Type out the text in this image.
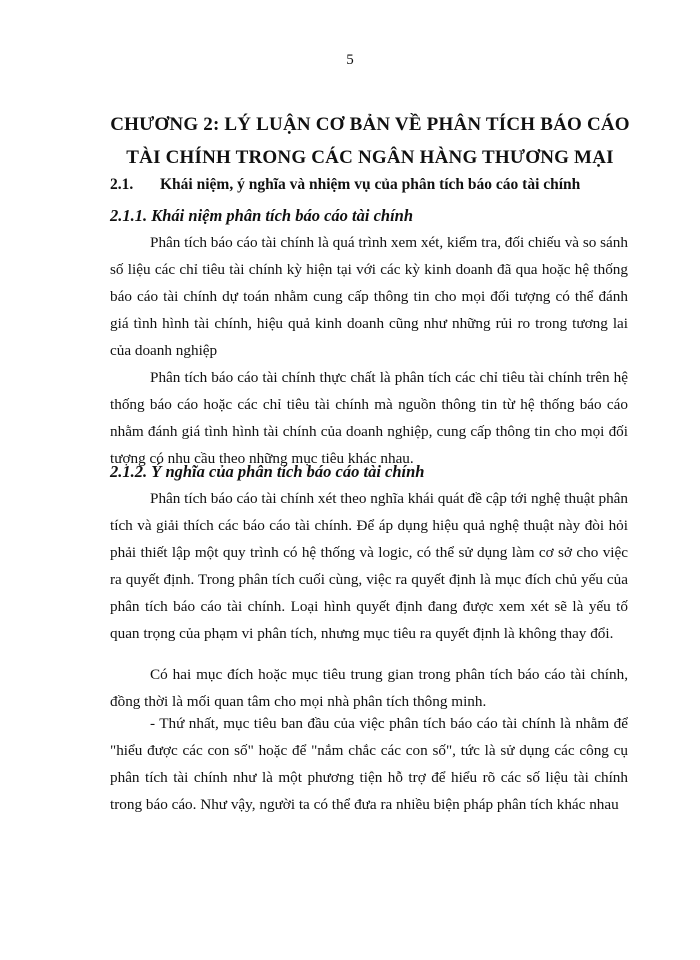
5
CHƯƠNG 2: LÝ LUẬN CƠ BẢN VỀ PHÂN TÍCH BÁO CÁO
TÀI CHÍNH TRONG CÁC NGÂN HÀNG THƯƠNG MẠI
2.1. Khái niệm, ý nghĩa và nhiệm vụ của phân tích báo cáo tài chính
2.1.1. Khái niệm phân tích báo cáo tài chính

Phân tích báo cáo tài chính là quá trình xem xét, kiểm tra, đối chiếu và so sánh số liệu các chỉ tiêu tài chính kỳ hiện tại với các kỳ kinh doanh đã qua hoặc hệ thống báo cáo tài chính dự toán nhằm cung cấp thông tin cho mọi đối tượng có thể đánh giá tình hình tài chính, hiệu quả kinh doanh cũng như những rủi ro trong tương lai của doanh nghiệp

Phân tích báo cáo tài chính thực chất là phân tích các chỉ tiêu tài chính trên hệ thống báo cáo hoặc các chỉ tiêu tài chính mà nguồn thông tin từ hệ thống báo cáo nhằm đánh giá tình hình tài chính của doanh nghiệp, cung cấp thông tin cho mọi đối tượng có nhu cầu theo những mục tiêu khác nhau.

2.1.2. Ý nghĩa của phân tích báo cáo tài chính

Phân tích báo cáo tài chính xét theo nghĩa khái quát đề cập tới nghệ thuật phân tích và giải thích các báo cáo tài chính. Để áp dụng hiệu quả nghệ thuật này đòi hỏi phải thiết lập một quy trình có hệ thống và logic, có thể sử dụng làm cơ sở cho việc ra quyết định. Trong phân tích cuối cùng, việc ra quyết định là mục đích chủ yếu của phân tích báo cáo tài chính. Loại hình quyết định đang được xem xét sẽ là yếu tố quan trọng của phạm vi phân tích, nhưng mục tiêu ra quyết định là không thay đổi.

Có hai mục đích hoặc mục tiêu trung gian trong phân tích báo cáo tài chính, đồng thời là mối quan tâm cho mọi nhà phân tích thông minh.

- Thứ nhất, mục tiêu ban đầu của việc phân tích báo cáo tài chính là nhằm để "hiểu được các con số" hoặc để "nắm chắc các con số", tức là sử dụng các công cụ phân tích tài chính như là một phương tiện hỗ trợ để hiểu rõ các số liệu tài chính trong báo cáo. Như vậy, người ta có thể đưa ra nhiều biện pháp phân tích khác nhau
